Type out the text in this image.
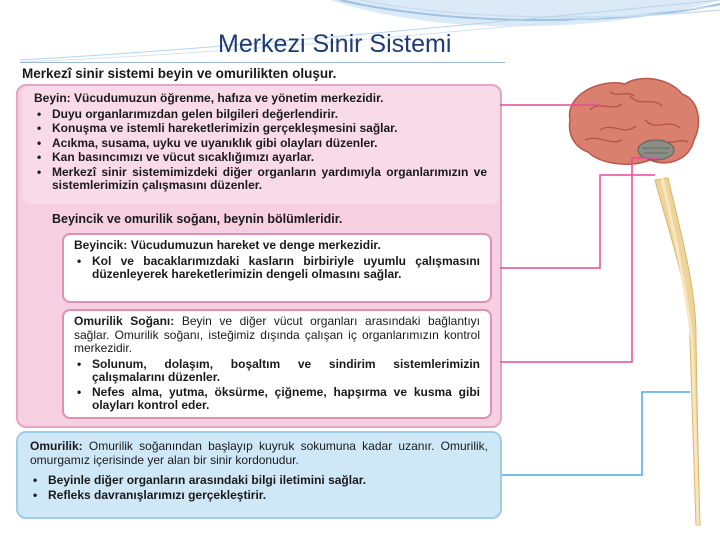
Merkezi Sinir Sistemi
Merkezî sinir sistemi beyin ve omurilikten oluşur.
Beyin: Vücudumuzun öğrenme, hafıza ve yönetim merkezidir.
• Duyu organlarımızdan gelen bilgileri değerlendirir.
• Konuşma ve istemli hareketlerimizin gerçekleşmesini sağlar.
• Acıkma, susama, uyku ve uyanıklık gibi olayları düzenler.
• Kan basıncımızı ve vücut sıcaklığımızı ayarlar.
• Merkezî sinir sistemimizdeki diğer organların yardımıyla organlarımızın ve sistemlerimizin çalışmasını düzenler.
Beyincik ve omurilik soğanı, beynin bölümleridir.
Beyincik: Vücudumuzun hareket ve denge merkezidir.
• Kol ve bacaklarımızdaki kasların birbiriyle uyumlu çalışmasını düzenleyerek hareketlerimizin dengeli olmasını sağlar.
Omurilik Soğanı: Beyin ve diğer vücut organları arasındaki bağlantıyı sağlar. Omurilik soğanı, isteğimiz dışında çalışan iç organlarımızın kontrol merkezidir.
• Solunum, dolaşım, boşaltım ve sindirim sistemlerimizin çalışmalarını düzenler.
• Nefes alma, yutma, öksürme, çiğneme, hapşırma ve kusma gibi olayları kontrol eder.
Omurilik: Omurilik soğanından başlayıp kuyruk sokumuna kadar uzanır. Omurilik, omurgamız içerisinde yer alan bir sinir kordonudur.
• Beyinle diğer organların arasındaki bilgi iletimini sağlar.
• Refleks davranışlarımızı gerçekleştirir.
